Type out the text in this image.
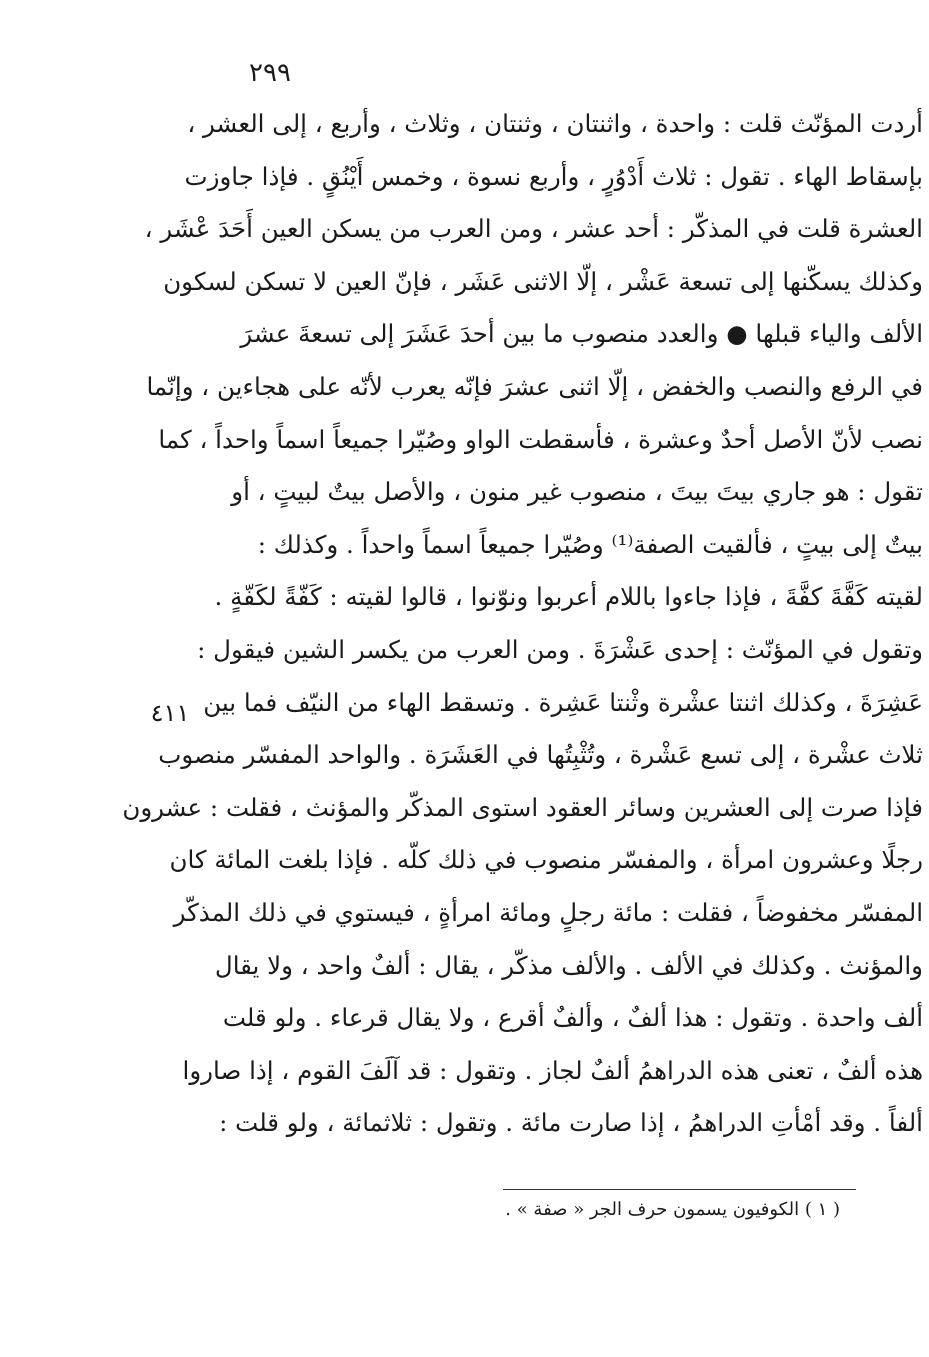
٢٩٩
أردت المؤنّث قلت : واحدة ، واثنتان ، وثنتان ، وثلاث ، وأربع ، إلى العشر ،
بإسقاط الهاء . تقول : ثلاث أَدْوُرٍ ، وأربع نسوة ، وخمس أَيْنُقٍ . فإذا جاوزت
العشرة قلت في المذكّر : أحد عشر ، ومن العرب من يسكن العين أَحَدَ عْشَر ،
وكذلك يسكّنها إلى تسعة عَشْر ، إلّا الاثنى عَشَر ، فإنّ العين لا تسكن لسكون
الألف والياء قبلها ● والعدد منصوب ما بين أحدَ عَشَرَ إلى تسعةَ عشرَ
في الرفع والنصب والخفض ، إلّا اثنى عشرَ فإنّه يعرب لأنّه على هجاءين ، وإنّما
نصب لأنّ الأصل أحدٌ وعشرة ، فأسقطت الواو وصُيّرا جميعاً اسماً واحداً ، كما
تقول : هو جاري بيتَ بيتَ ، منصوب غير منون ، والأصل بيتٌ لبيتٍ ، أو
بيتٌ إلى بيتٍ ، فألقيت الصفة⁽¹⁾ وصُيّرا جميعاً اسماً واحداً . وكذلك :
لقيته كَفَّةَ كفَّةَ ، فإذا جاءوا باللام أعربوا ونوّنوا ، قالوا لقيته : كَفّةً لكَفّةٍ .
وتقول في المؤنّث : إحدى عَشْرَةَ . ومن العرب من يكسر الشين فيقول :
عَشِرَةَ ، وكذلك اثنتا عشْرة وثْنتا عَشِرة . وتسقط الهاء من النيّف فما بين
ثلاث عشْرة ، إلى تسع عَشْرة ، وتُثْبِتُها في العَشَرَة . والواحد المفسّر منصوب
فإذا صرت إلى العشرين وسائر العقود استوى المذكّر والمؤنث ، فقلت : عشرون
رجلًا وعشرون امرأة ، والمفسّر منصوب في ذلك كلّه . فإذا بلغت المائة كان
المفسّر مخفوضاً ، فقلت : مائة رجلٍ ومائة امرأةٍ ، فيستوي في ذلك المذكّر
والمؤنث . وكذلك في الألف . والألف مذكّر ، يقال : ألفٌ واحد ، ولا يقال
ألف واحدة . وتقول : هذا ألفٌ ، وألفٌ أقرع ، ولا يقال قرعاء . ولو قلت
هذه ألفٌ ، تعنى هذه الدراهمُ ألفٌ لجاز . وتقول : قد آلَفَ القوم ، إذا صاروا
ألفاً . وقد أمْأتِ الدراهمُ ، إذا صارت مائة . وتقول : ثلاثمائة ، ولو قلت :
٤١١
( ١ ) الكوفيون يسمون حرف الجر « صفة » .
